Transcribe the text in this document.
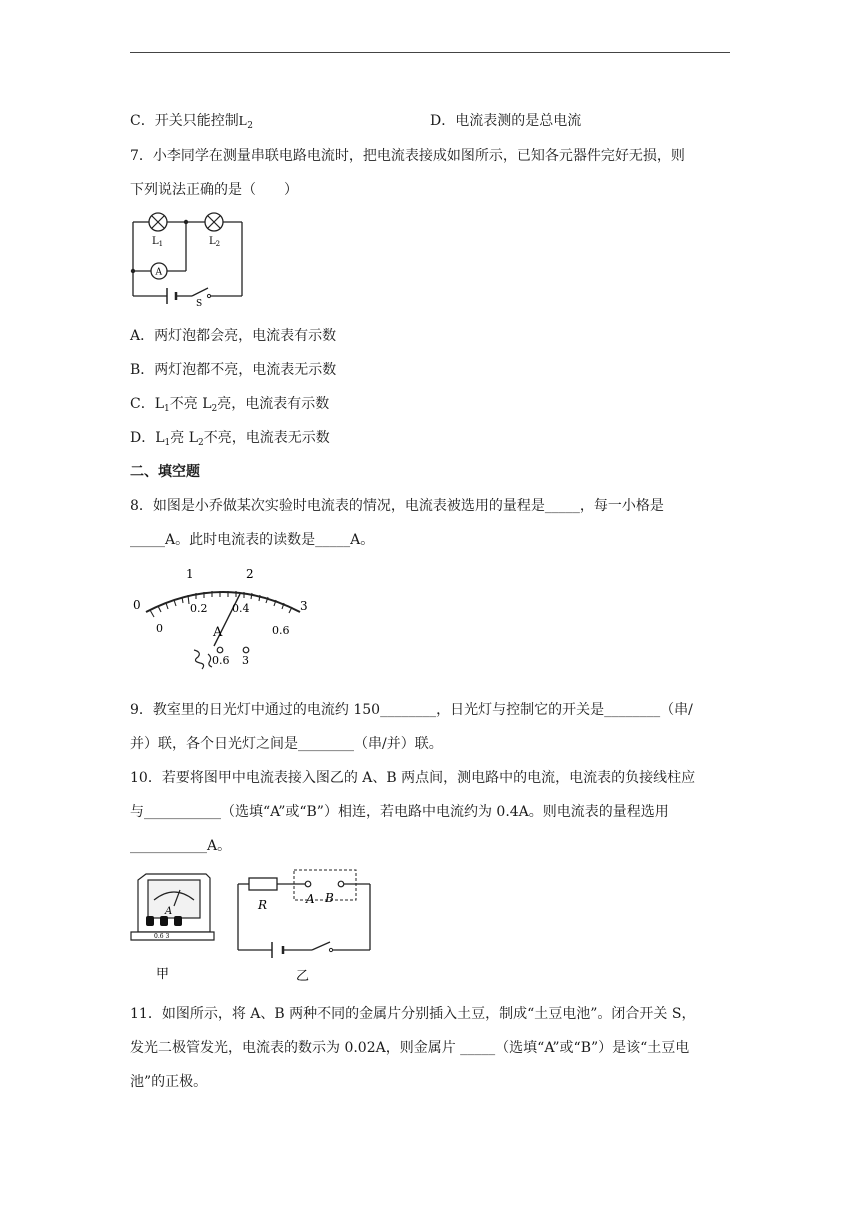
C．开关只能控制$L_2$	D．电流表测的是总电流
7．小李同学在测量串联电路电流时，把电流表接成如图所示，已知各元器件完好无损，则
下列说法正确的是（　　）
$L_1$	$L_2$
A
S
A．两灯泡都会亮，电流表有示数
B．两灯泡都不亮，电流表无示数
C．$L_1$不亮 $L_2$亮，电流表有示数
D．$L_1$亮 $L_2$不亮，电流表无示数
二、填空题
8．如图是小乔做某次实验时电流表的情况，电流表被选用的量程是_____，每一小格是
_____A。此时电流表的读数是_____A。
0
1	2
3
0
0.2 0.4
0.6
A
0.6 3
9．教室里的日光灯中通过的电流约 150________，日光灯与控制它的开关是________（串/
并）联，各个日光灯之间是________（串/并）联。
10．若要将图甲中电流表接入图乙的 A、B 两点间，测电路中的电流，电流表的负接线柱应
与___________（选填“A”或“B”）相连，若电路中电流约为 0.4A。则电流表的量程选用
___________A。
A
0.6 3
甲
R	A B
乙
11．如图所示，将 A、B 两种不同的金属片分别插入土豆，制成“土豆电池”。闭合开关 S，
发光二极管发光，电流表的数示为 0.02A，则金属片 _____（选填“A”或“B”）是该“土豆电
池”的正极。
